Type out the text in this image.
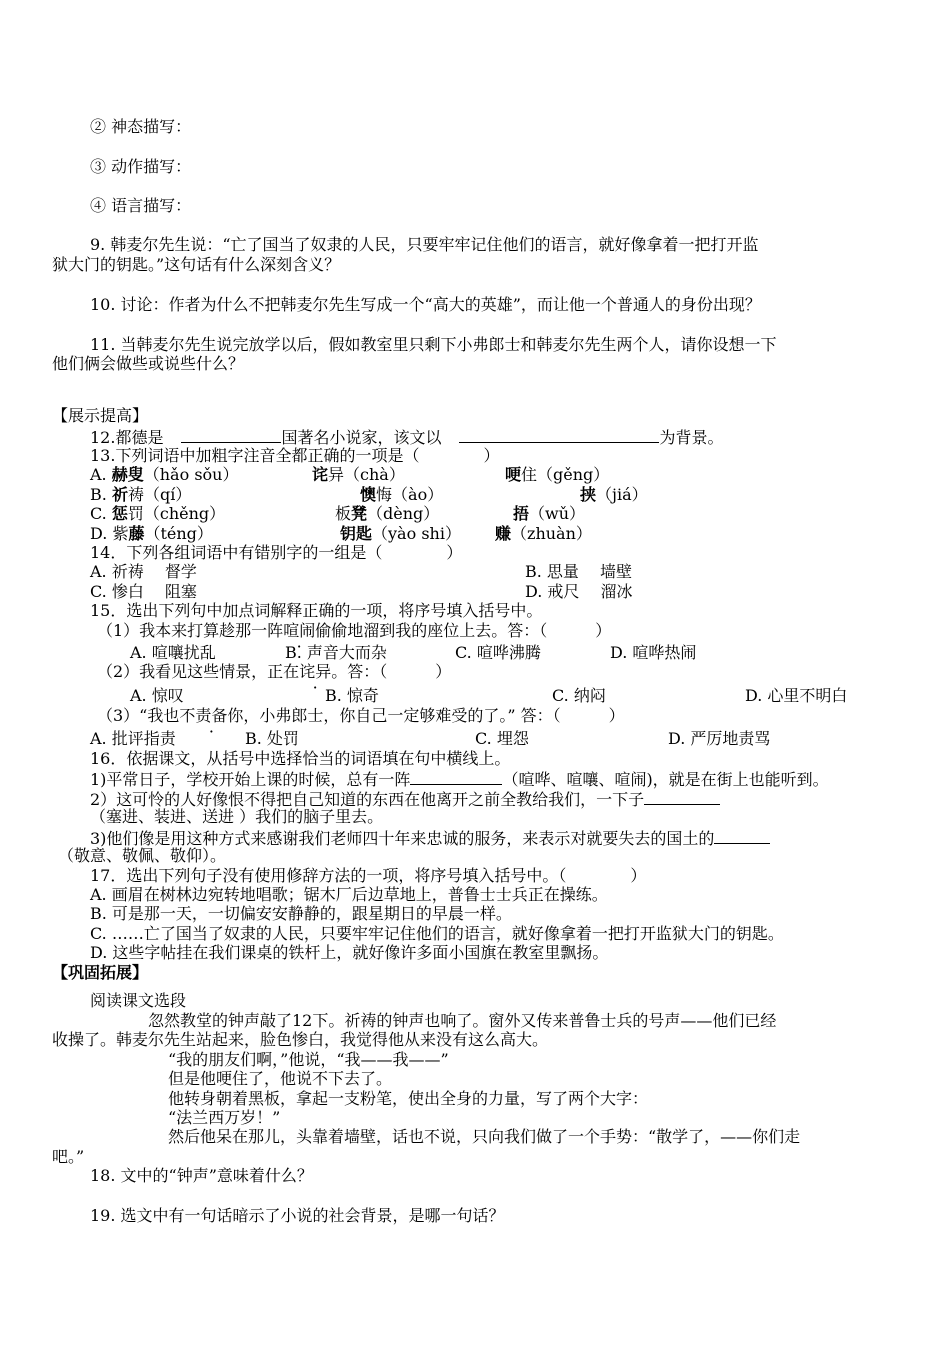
② 神态描写：
③ 动作描写：
④ 语言描写：
9. 韩麦尔先生说：“亡了国当了奴隶的人民，只要牢牢记住他们的语言，就好像拿着一把打开监
狱大门的钥匙。”这句话有什么深刻含义？
10. 讨论：作者为什么不把韩麦尔先生写成一个“高大的英雄”，而让他一个普通人的身份出现？
11. 当韩麦尔先生说完放学以后，假如教室里只剩下小弗郎士和韩麦尔先生两个人，请你设想一下
他们俩会做些或说些什么？
【展示提高】
12.都德是	国著名小说家，该文以	为背景。
13.下列词语中加粗字注音全都正确的一项是（　　　　）
A. 赫叟（hǎo sǒu）	诧异（chà）	哽住（gěng）
B. 祈祷（qí）	懊悔（ào）	挟（jiá）
C. 惩罚（chěng）	板凳（dèng）	捂（wǔ）
D. 紫藤（téng）	钥匙（yào shi） 赚（zhuàn）
14．下列各组词语中有错别字的一组是（　　　　）
A. 祈祷　 督学	B. 思量　 墙壁
C. 惨白　 阻塞	D. 戒尺　 溜冰
15．选出下列句中加点词解释正确的一项，将序号填入括号中。
（1）我本来打算趁那一阵喧闹偷偷地溜到我的座位上去。答：（　　　）
A. 喧嚷扰乱	B. 声音大而杂	C. 喧哗沸腾	D. 喧哗热闹
（2）我看见这些情景，正在诧异。答：（　　　）
A. 惊叹	B. 惊奇	C. 纳闷	D. 心里不明白
（3）“我也不责备你，小弗郎士，你自己一定够难受的了。” 答：（　　　）
A. 批评指责	B. 处罚	C. 埋怨	D. 严厉地责骂
16．依据课文，从括号中选择恰当的词语填在句中横线上。
1)平常日子，学校开始上课的时候，总有一阵	（喧哗、喧嚷、喧闹)，就是在街上也能听到。
2）这可怜的人好像恨不得把自己知道的东西在他离开之前全教给我们，一下子
（塞进、装进、送进 ）我们的脑子里去。
3)他们像是用这种方式来感谢我们老师四十年来忠诚的服务，来表示对就要失去的国土的
（敬意、敬佩、敬仰）。
17．选出下列句子没有使用修辞方法的一项，将序号填入括号中。（　　　　）
A. 画眉在树林边宛转地唱歌；锯木厂后边草地上，普鲁士士兵正在操练。
B. 可是那一天，一切偏安安静静的，跟星期日的早晨一样。
C. ……亡了国当了奴隶的人民，只要牢牢记住他们的语言，就好像拿着一把打开监狱大门的钥匙。
D. 这些字帖挂在我们课桌的铁杆上，就好像许多面小国旗在教室里飘扬。
【巩固拓展】
阅读课文选段
忽然教堂的钟声敲了12下。祈祷的钟声也响了。窗外又传来普鲁士兵的号声——他们已经
收操了。韩麦尔先生站起来，脸色惨白，我觉得他从来没有这么高大。
“我的朋友们啊，”他说，“我——我——”
但是他哽住了，他说不下去了。
他转身朝着黑板，拿起一支粉笔，使出全身的力量，写了两个大字：
“法兰西万岁！”
然后他呆在那儿，头靠着墙壁，话也不说，只向我们做了一个手势：“散学了，——你们走
吧。”
18. 文中的“钟声”意味着什么？
19. 选文中有一句话暗示了小说的社会背景，是哪一句话？
